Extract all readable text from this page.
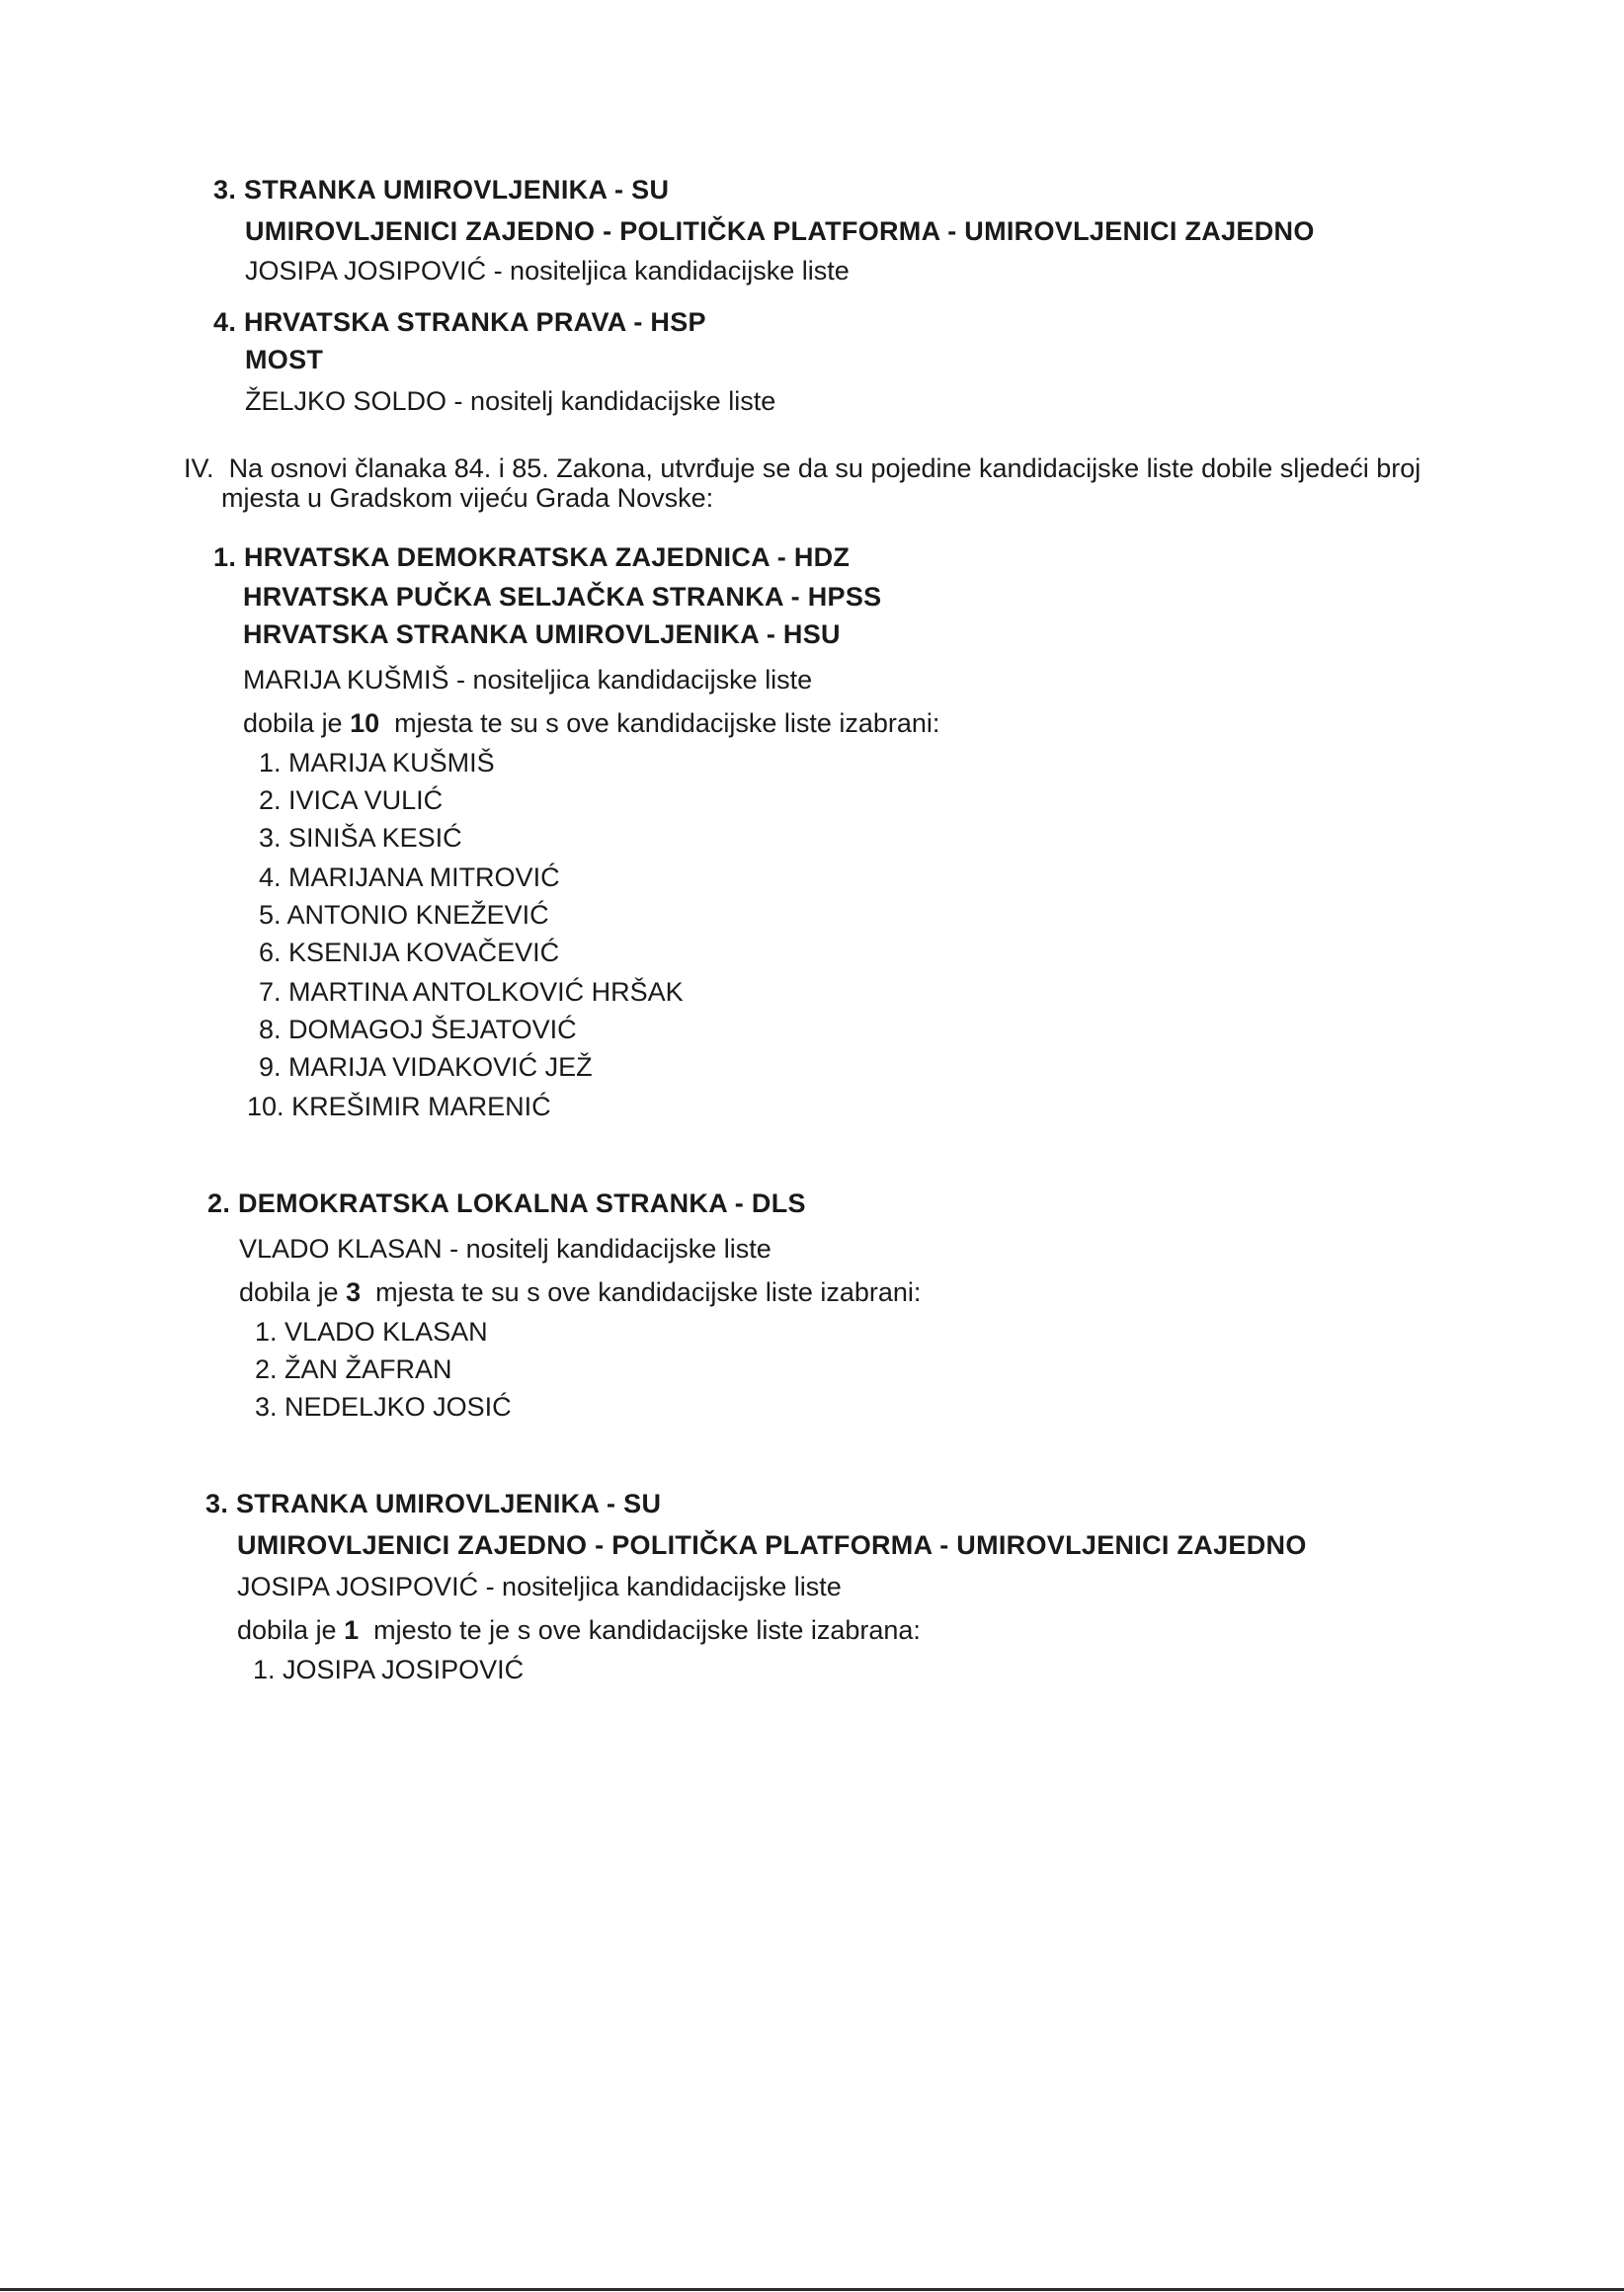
3. STRANKA UMIROVLJENIKA - SU
UMIROVLJENICI ZAJEDNO - POLITIČKA PLATFORMA - UMIROVLJENICI ZAJEDNO
JOSIPA JOSIPOVIĆ - nositeljica kandidacijske liste
4. HRVATSKA STRANKA PRAVA - HSP
MOST
ŽELJKO SOLDO - nositelj kandidacijske liste
IV. Na osnovi članaka 84. i 85. Zakona, utvrđuje se da su pojedine kandidacijske liste dobile sljedeći broj
mjesta u Gradskom vijeću Grada Novske:
1. HRVATSKA DEMOKRATSKA ZAJEDNICA - HDZ
HRVATSKA PUČKA SELJAČKA STRANKA - HPSS
HRVATSKA STRANKA UMIROVLJENIKA - HSU
MARIJA KUŠMIŠ - nositeljica kandidacijske liste
dobila je 10 mjesta te su s ove kandidacijske liste izabrani:
1. MARIJA KUŠMIŠ
2. IVICA VULIĆ
3. SINIŠA KESIĆ
4. MARIJANA MITROVIĆ
5. ANTONIO KNEŽEVIĆ
6. KSENIJA KOVAČEVIĆ
7. MARTINA ANTOLKOVIĆ HRŠAK
8. DOMAGOJ ŠEJATOVIĆ
9. MARIJA VIDAKOVIĆ JEŽ
10. KREŠIMIR MARENIĆ
2. DEMOKRATSKA LOKALNA STRANKA - DLS
VLADO KLASAN - nositelj kandidacijske liste
dobila je 3 mjesta te su s ove kandidacijske liste izabrani:
1. VLADO KLASAN
2. ŽAN ŽAFRAN
3. NEDELJKO JOSIĆ
3. STRANKA UMIROVLJENIKA - SU
UMIROVLJENICI ZAJEDNO - POLITIČKA PLATFORMA - UMIROVLJENICI ZAJEDNO
JOSIPA JOSIPOVIĆ - nositeljica kandidacijske liste
dobila je 1 mjesto te je s ove kandidacijske liste izabrana:
1. JOSIPA JOSIPOVIĆ
